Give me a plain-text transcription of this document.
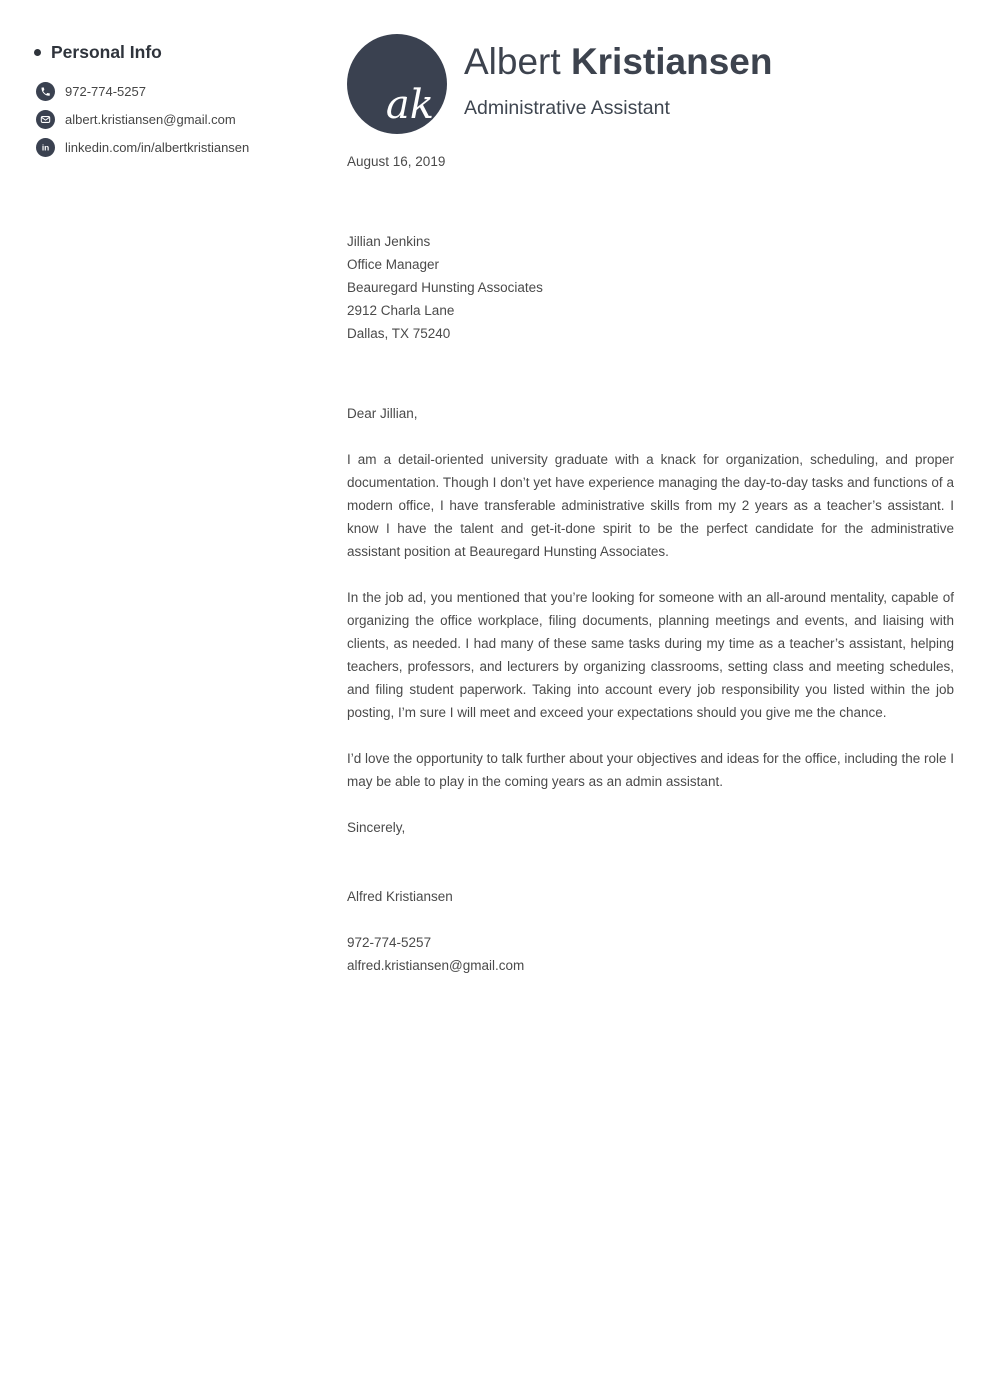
Personal Info
972-774-5257
albert.kristiansen@gmail.com
in linkedin.com/in/albertkristiansen
ak
Albert Kristiansen
Administrative Assistant

August 16, 2019

Jillian Jenkins

Office Manager

Beauregard Hunsting Associates

2912 Charla Lane

Dallas, TX 75240

Dear Jillian,

I am a detail-oriented university graduate with a knack for organization, scheduling, and proper documentation. Though I don’t yet have experience managing the day-to-day tasks and functions of a modern office, I have transferable administrative skills from my 2 years as a teacher’s assistant. I know I have the talent and get-it-done spirit to be the perfect candidate for the administrative assistant position at Beauregard Hunsting Associates.

In the job ad, you mentioned that you’re looking for someone with an all-around mentality, capable of organizing the office workplace, filing documents, planning meetings and events, and liaising with clients, as needed. I had many of these same tasks during my time as a teacher’s assistant, helping teachers, professors, and lecturers by organizing classrooms, setting class and meeting schedules, and filing student paperwork. Taking into account every job responsibility you listed within the job posting, I’m sure I will meet and exceed your expectations should you give me the chance.

I’d love the opportunity to talk further about your objectives and ideas for the office, including the role I may be able to play in the coming years as an admin assistant.

Sincerely,

Alfred Kristiansen

972-774-5257

alfred.kristiansen@gmail.com
